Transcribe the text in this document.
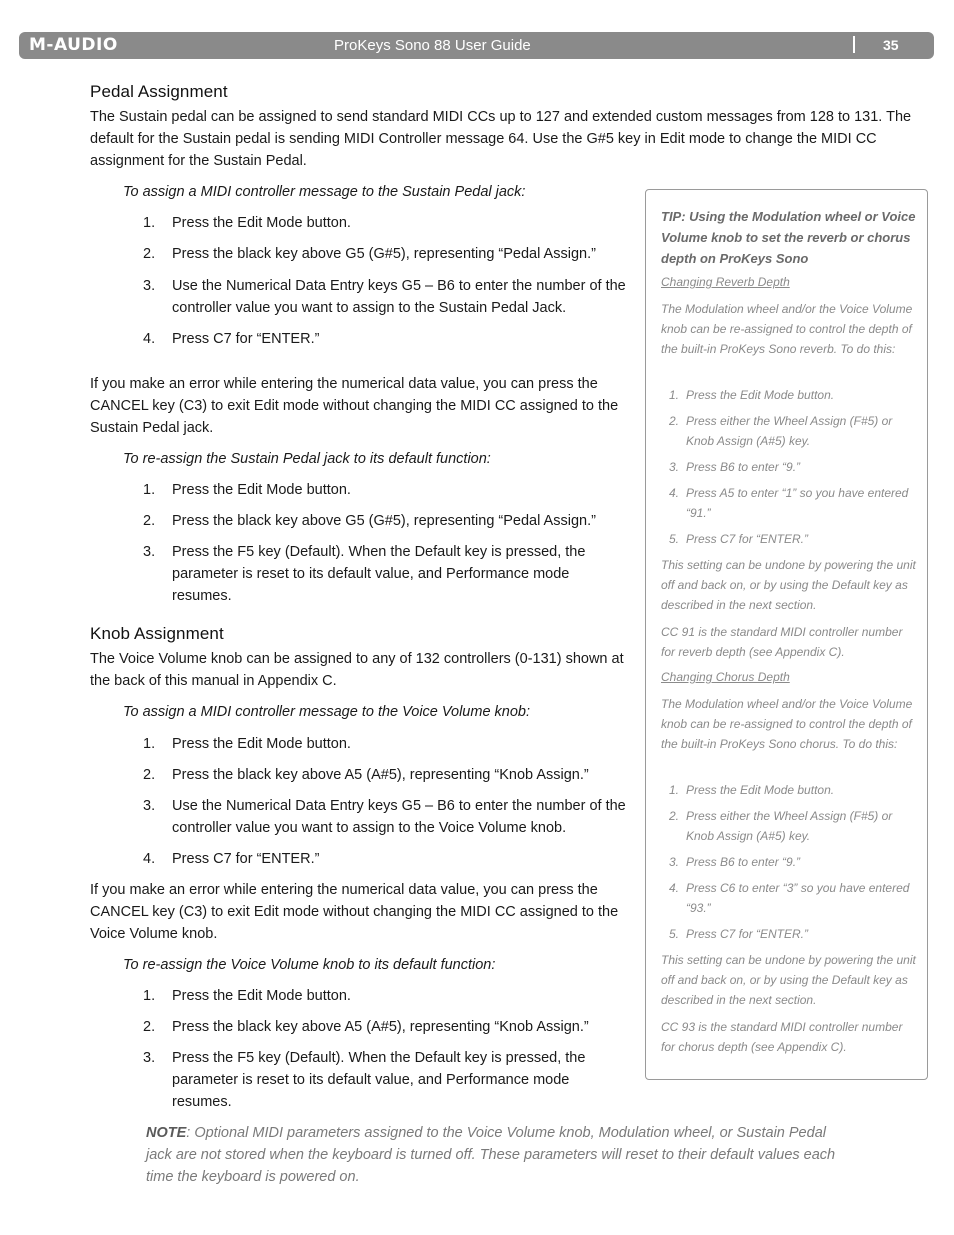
M-AUDIO	ProKeys Sono 88 User Guide	35
Pedal Assignment

The Sustain pedal can be assigned to send standard MIDI CCs up to 127 and extended custom messages from 128 to 131. The default for the Sustain pedal is sending MIDI Controller message 64. Use the G#5 key in Edit mode to change the MIDI CC assignment for the Sustain Pedal.

To assign a MIDI controller message to the Sustain Pedal jack:

1. Press the Edit Mode button.
2. Press the black key above G5 (G#5), representing “Pedal Assign.”
3. Use the Numerical Data Entry keys G5 – B6 to enter the number of the controller value you want to assign to the Sustain Pedal Jack.
4. Press C7 for “ENTER.”

If you make an error while entering the numerical data value, you can press the CANCEL key (C3) to exit Edit mode without changing the MIDI CC assigned to the Sustain Pedal jack.

To re-assign the Sustain Pedal jack to its default function:

1. Press the Edit Mode button.
2. Press the black key above G5 (G#5), representing “Pedal Assign.”
3. Press the F5 key (Default). When the Default key is pressed, the parameter is reset to its default value, and Performance mode resumes.
Knob Assignment

The Voice Volume knob can be assigned to any of 132 controllers (0-131) shown at the back of this manual in Appendix C.

To assign a MIDI controller message to the Voice Volume knob:

1. Press the Edit Mode button.
2. Press the black key above A5 (A#5), representing “Knob Assign.”
3. Use the Numerical Data Entry keys G5 – B6 to enter the number of the controller value you want to assign to the Voice Volume knob.
4. Press C7 for “ENTER.”

If you make an error while entering the numerical data value, you can press the CANCEL key (C3) to exit Edit mode without changing the MIDI CC assigned to the Voice Volume knob.

To re-assign the Voice Volume knob to its default function:

1. Press the Edit Mode button.
2. Press the black key above A5 (A#5), representing “Knob Assign.”
3. Press the F5 key (Default). When the Default key is pressed, the parameter is reset to its default value, and Performance mode resumes.
TIP: Using the Modulation wheel or Voice Volume knob to set the reverb or chorus depth on ProKeys Sono
Changing Reverb Depth
The Modulation wheel and/or the Voice Volume knob can be re-assigned to control the depth of the built-in ProKeys Sono reverb. To do this:
1. Press the Edit Mode button.
2. Press either the Wheel Assign (F#5) or Knob Assign (A#5) key.
3. Press B6 to enter “9.”
4. Press A5 to enter “1” so you have entered “91.”
5. Press C7 for “ENTER.”
This setting can be undone by powering the unit off and back on, or by using the Default key as described in the next section.
CC 91 is the standard MIDI controller number for reverb depth (see Appendix C).
Changing Chorus Depth
The Modulation wheel and/or the Voice Volume knob can be re-assigned to control the depth of the built-in ProKeys Sono chorus. To do this:
1. Press the Edit Mode button.
2. Press either the Wheel Assign (F#5) or Knob Assign (A#5) key.
3. Press B6 to enter “9.”
4. Press C6 to enter “3” so you have entered “93.”
5. Press C7 for “ENTER.”
This setting can be undone by powering the unit off and back on, or by using the Default key as described in the next section.
CC 93 is the standard MIDI controller number for chorus depth (see Appendix C).

NOTE: Optional MIDI parameters assigned to the Voice Volume knob, Modulation wheel, or Sustain Pedal jack are not stored when the keyboard is turned off. These parameters will reset to their default values each time the keyboard is powered on.
